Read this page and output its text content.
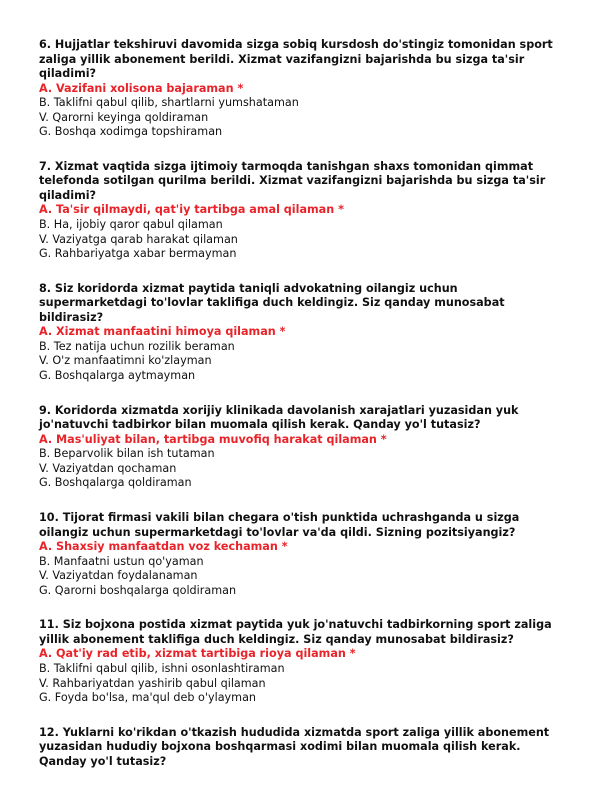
6. Hujjatlar tekshiruvi davomida sizga sobiq kursdosh do'stingiz tomonidan sport zaliga yillik abonement berildi. Xizmat vazifangizni bajarishda bu sizga ta'sir qiladimi?

A. Vazifani xolisona bajaraman *

B. Taklifni qabul qilib, shartlarni yumshataman

V. Qarorni keyinga qoldiraman

G. Boshqa xodimga topshiraman

7. Xizmat vaqtida sizga ijtimoiy tarmoqda tanishgan shaxs tomonidan qimmat telefonda sotilgan qurilma berildi. Xizmat vazifangizni bajarishda bu sizga ta'sir qiladimi?

A. Ta'sir qilmaydi, qat'iy tartibga amal qilaman *

B. Ha, ijobiy qaror qabul qilaman

V. Vaziyatga qarab harakat qilaman

G. Rahbariyatga xabar bermayman

8. Siz koridorda xizmat paytida taniqli advokatning oilangiz uchun supermarketdagi to'lovlar taklifiga duch keldingiz. Siz qanday munosabat bildirasiz?

A. Xizmat manfaatini himoya qilaman *

B. Tez natija uchun rozilik beraman

V. O'z manfaatimni ko'zlayman

G. Boshqalarga aytmayman

9. Koridorda xizmatda xorijiy klinikada davolanish xarajatlari yuzasidan yuk jo'natuvchi tadbirkor bilan muomala qilish kerak. Qanday yo'l tutasiz?

A. Mas'uliyat bilan, tartibga muvofiq harakat qilaman *

B. Beparvolik bilan ish tutaman

V. Vaziyatdan qochaman

G. Boshqalarga qoldiraman

10. Tijorat firmasi vakili bilan chegara o'tish punktida uchrashganda u sizga oilangiz uchun supermarketdagi to'lovlar va'da qildi. Sizning pozitsiyangiz?

A. Shaxsiy manfaatdan voz kechaman *

B. Manfaatni ustun qo'yaman

V. Vaziyatdan foydalanaman

G. Qarorni boshqalarga qoldiraman

11. Siz bojxona postida xizmat paytida yuk jo'natuvchi tadbirkorning sport zaliga yillik abonement taklifiga duch keldingiz. Siz qanday munosabat bildirasiz?

A. Qat'iy rad etib, xizmat tartibiga rioya qilaman *

B. Taklifni qabul qilib, ishni osonlashtiraman

V. Rahbariyatdan yashirib qabul qilaman

G. Foyda bo'lsa, ma'qul deb o'ylayman

12. Yuklarni ko'rikdan o'tkazish hududida xizmatda sport zaliga yillik abonement yuzasidan hududiy bojxona boshqarmasi xodimi bilan muomala qilish kerak. Qanday yo'l tutasiz?
